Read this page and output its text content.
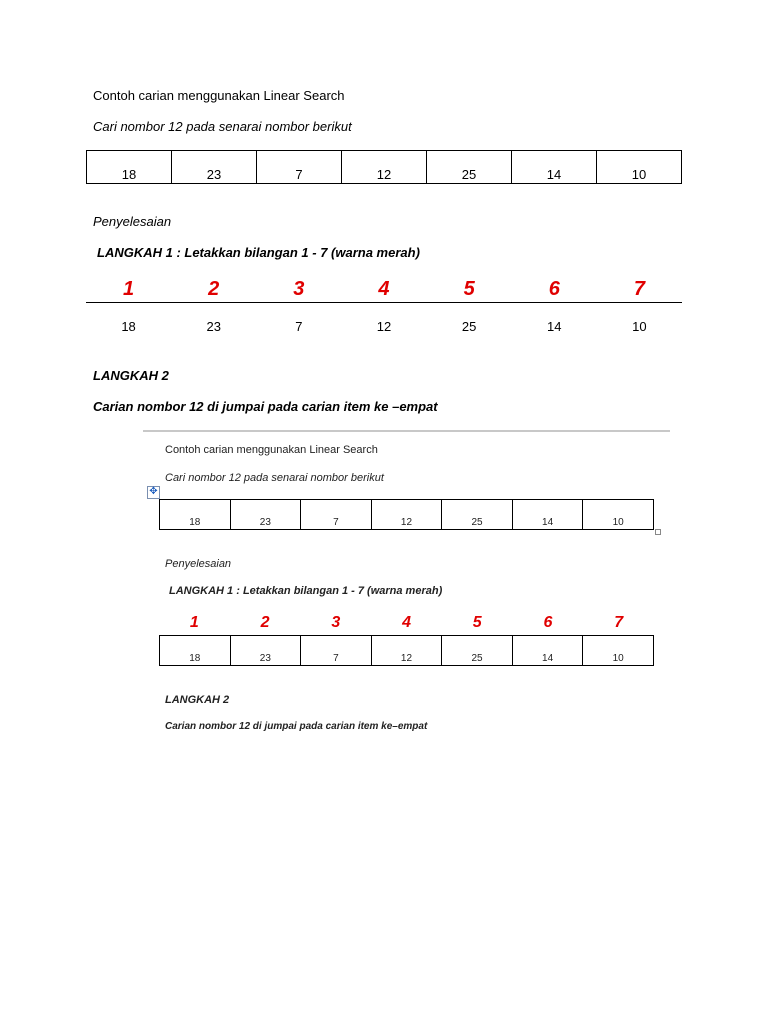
Contoh carian menggunakan Linear Search
Cari nombor 12 pada senarai nombor berikut
18	23	7	12	25	14	10
Penyelesaian
LANGKAH 1 : Letakkan bilangan 1 - 7 (warna merah)
1	2	3	4	5	6	7
18	23	7	12	25	14	10
LANGKAH 2
Carian nombor 12 di jumpai pada carian item ke –empat
Contoh carian menggunakan Linear Search
Cari nombor 12 pada senarai nombor berikut
✥
18	23	7	12	25	14	10
Penyelesaian
LANGKAH 1 : Letakkan bilangan 1 - 7 (warna merah)
1	2	3	4	5	6	7
18	23	7	12	25	14	10
LANGKAH 2
Carian nombor 12 di jumpai pada carian item ke–empat
